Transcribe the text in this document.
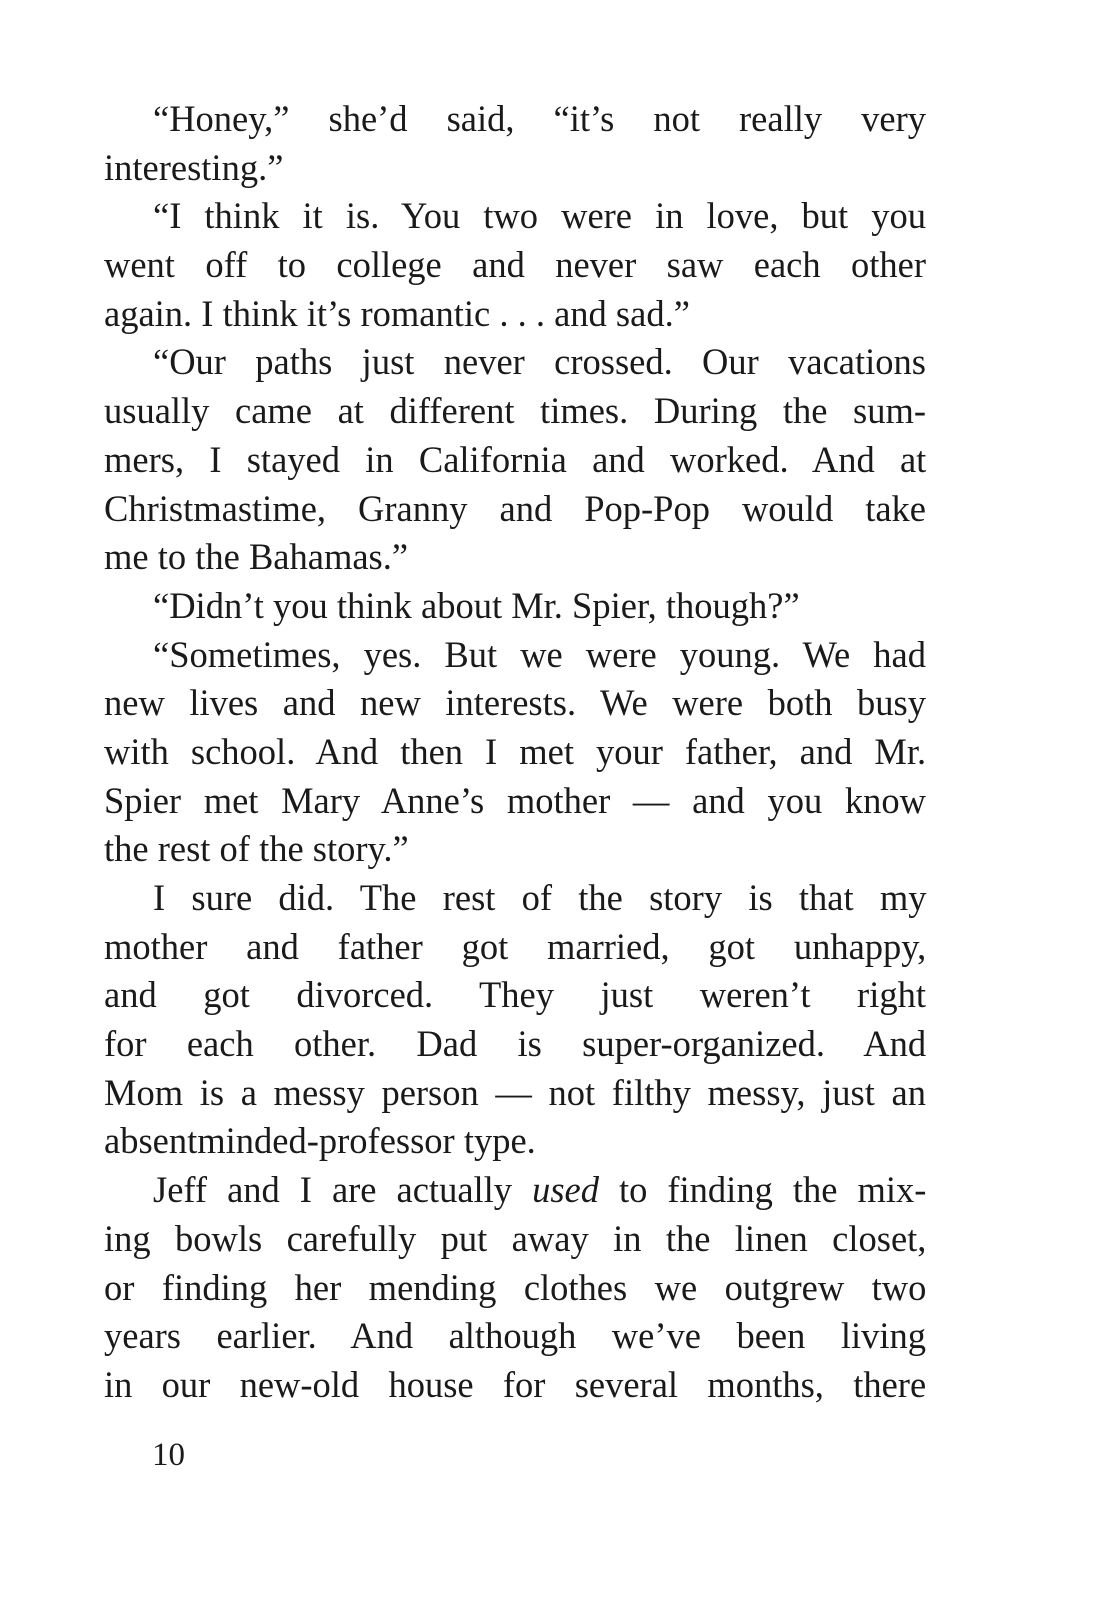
“Honey,” she’d said, “it’s not really very
interesting.”
“I think it is. You two were in love, but you
went off to college and never saw each other
again. I think it’s romantic . . . and sad.”
“Our paths just never crossed. Our vacations
usually came at different times. During the sum-
mers, I stayed in California and worked. And at
Christmastime, Granny and Pop-Pop would take
me to the Bahamas.”
“Didn’t you think about Mr. Spier, though?”
“Sometimes, yes. But we were young. We had
new lives and new interests. We were both busy
with school. And then I met your father, and Mr.
Spier met Mary Anne’s mother — and you know
the rest of the story.”
I sure did. The rest of the story is that my
mother and father got married, got unhappy,
and got divorced. They just weren’t right
for each other. Dad is super-organized. And
Mom is a messy person — not filthy messy, just an
absentminded-professor type.
Jeff and I are actually used to finding the mix-
ing bowls carefully put away in the linen closet,
or finding her mending clothes we outgrew two
years earlier. And although we’ve been living
in our new-old house for several months, there
10
